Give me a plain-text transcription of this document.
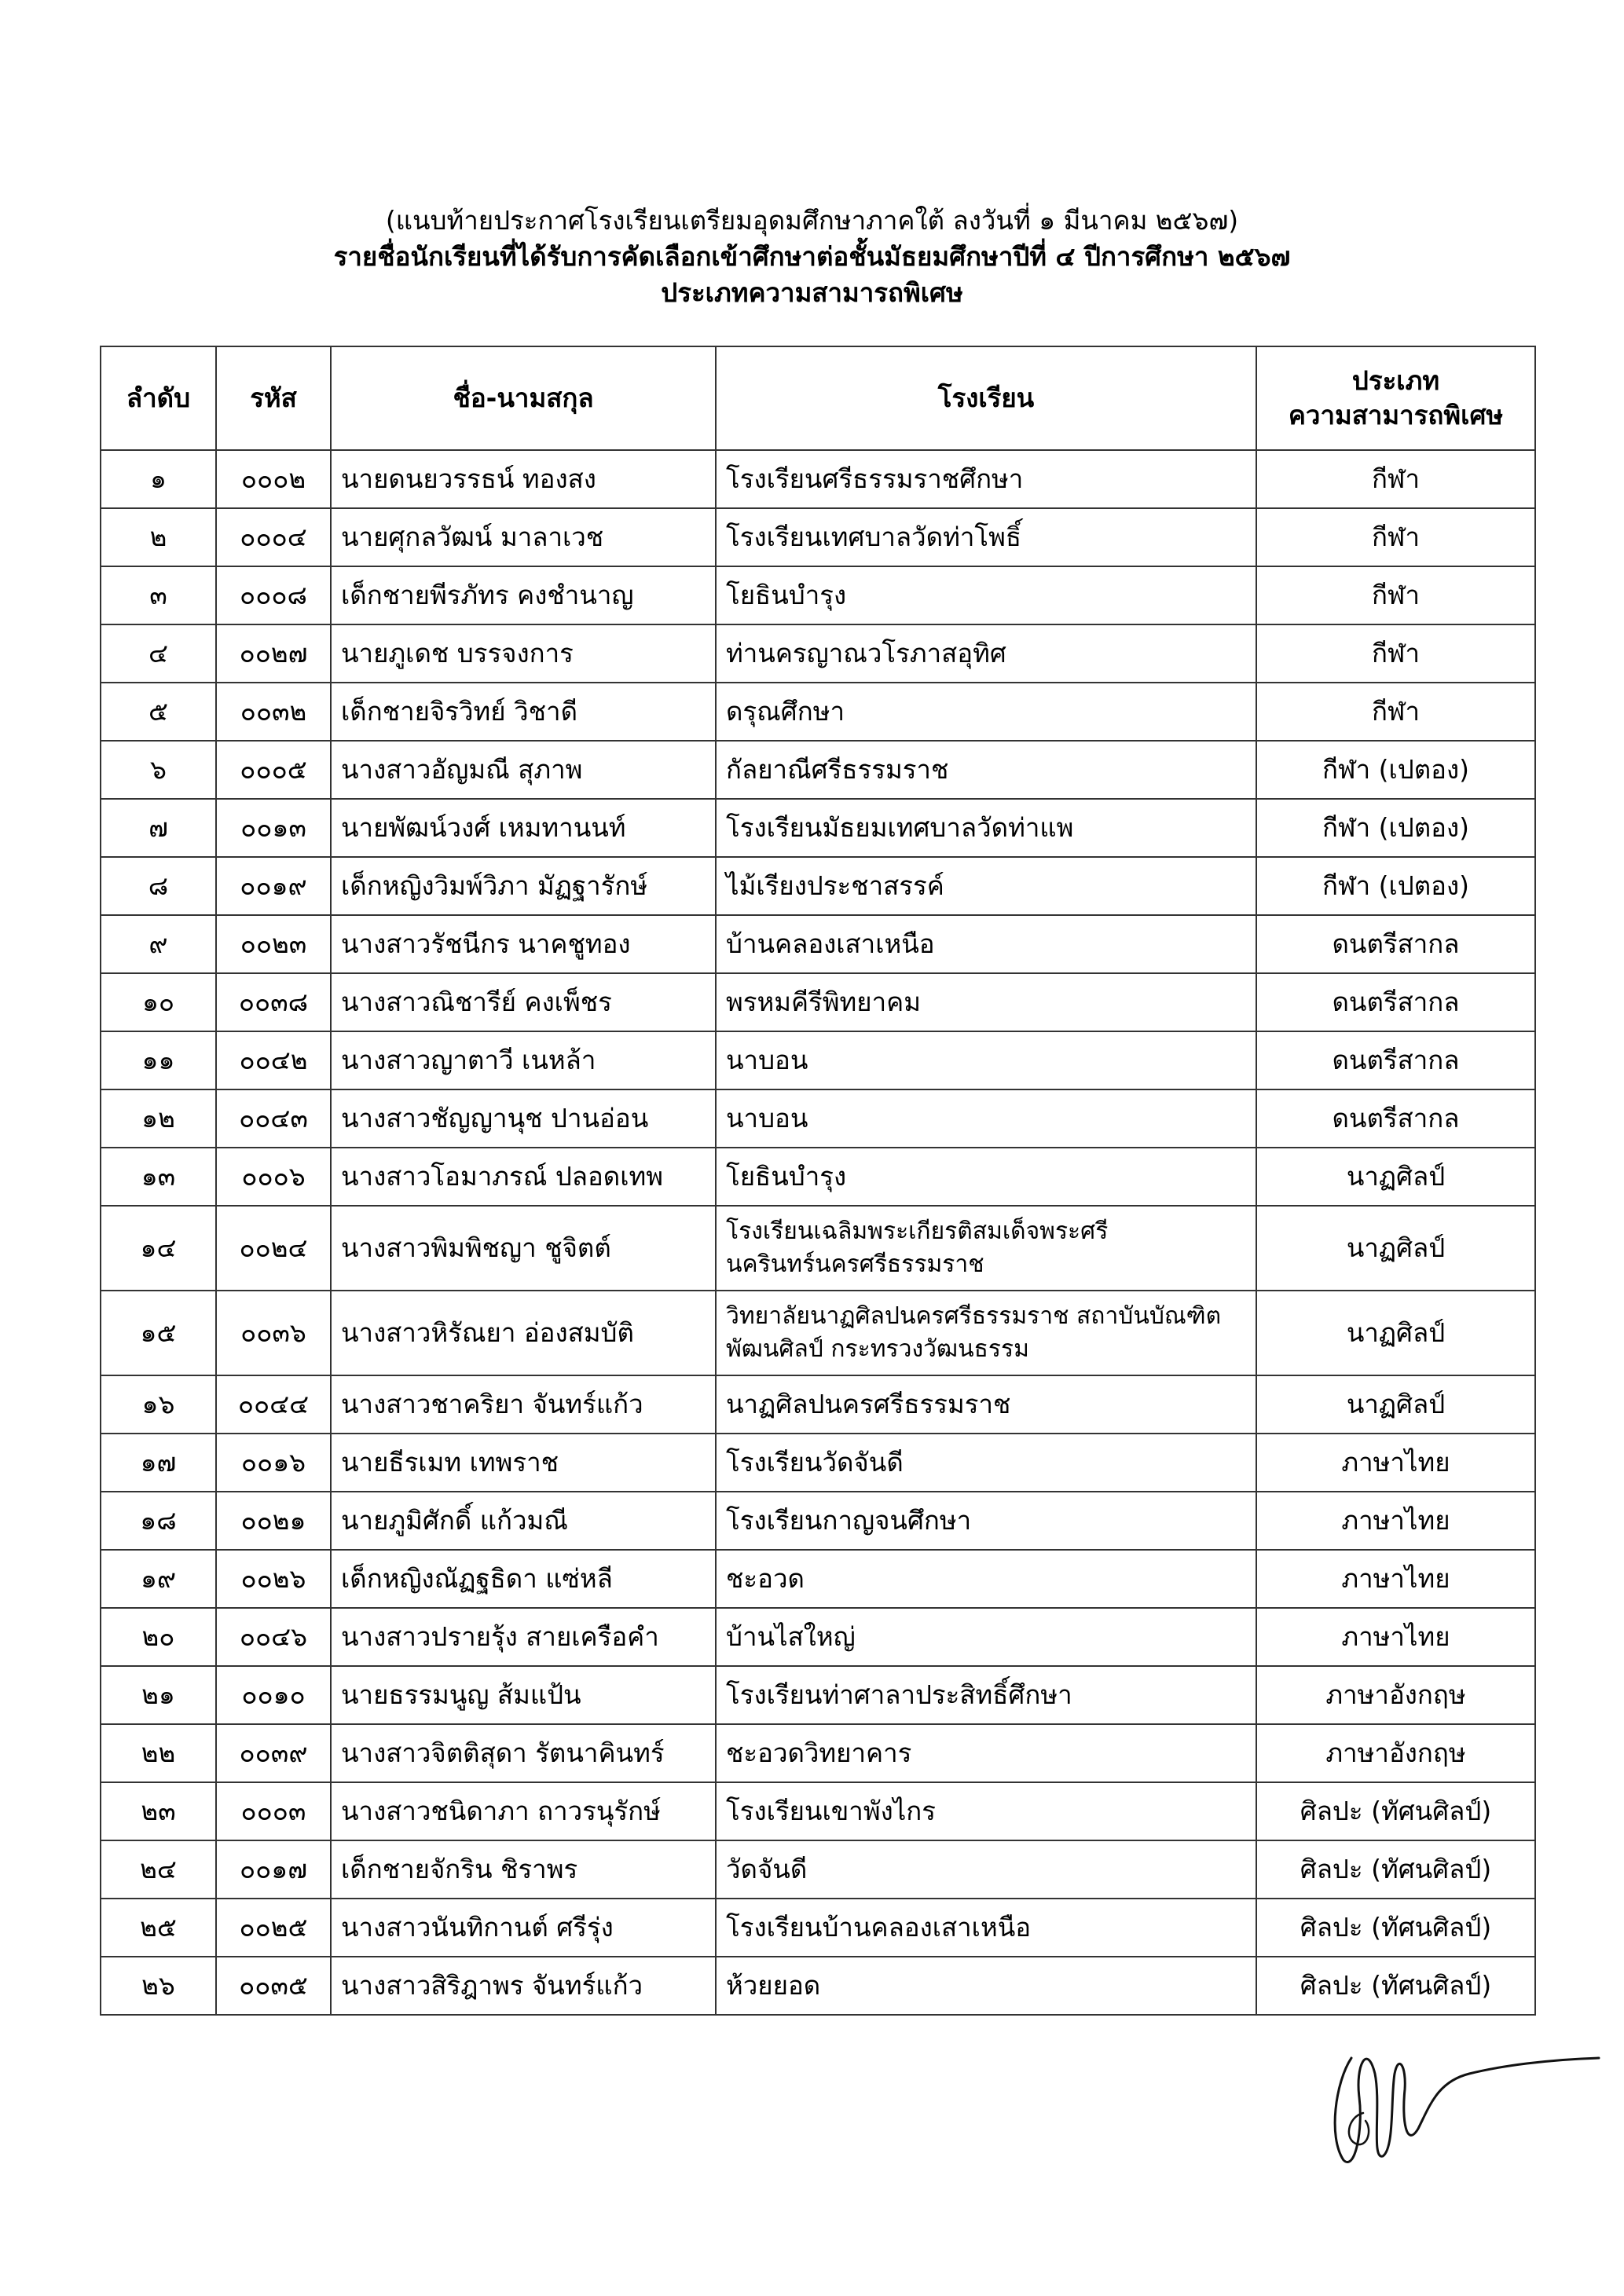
(แนบท้ายประกาศโรงเรียนเตรียมอุดมศึกษาภาคใต้ ลงวันที่ ๑ มีนาคม ๒๕๖๗)
รายชื่อนักเรียนที่ได้รับการคัดเลือกเข้าศึกษาต่อชั้นมัธยมศึกษาปีที่ ๔ ปีการศึกษา ๒๕๖๗
ประเภทความสามารถพิเศษ
ลำดับ	รหัส	ชื่อ-นามสกุล	โรงเรียน	ประเภท
ความสามารถพิเศษ

๑	๐๐๐๒	นายดนยวรรธน์ ทองสง	โรงเรียนศรีธรรมราชศึกษา	กีฬา
๒	๐๐๐๔	นายศุกลวัฒน์ มาลาเวช	โรงเรียนเทศบาลวัดท่าโพธิ์	กีฬา
๓	๐๐๐๘	เด็กชายพีรภัทร คงชำนาญ	โยธินบำรุง	กีฬา
๔	๐๐๒๗	นายภูเดช บรรจงการ	ท่านครญาณวโรภาสอุทิศ	กีฬา
๕	๐๐๓๒	เด็กชายจิรวิทย์ วิชาดี	ดรุณศึกษา	กีฬา
๖	๐๐๐๕	นางสาวอัญมณี สุภาพ	กัลยาณีศรีธรรมราช	กีฬา (เปตอง)
๗	๐๐๑๓	นายพัฒน์วงศ์ เหมทานนท์	โรงเรียนมัธยมเทศบาลวัดท่าแพ	กีฬา (เปตอง)
๘	๐๐๑๙	เด็กหญิงวิมพ์วิภา มัฏฐารักษ์	ไม้เรียงประชาสรรค์	กีฬา (เปตอง)
๙	๐๐๒๓	นางสาวรัชนีกร นาคชูทอง	บ้านคลองเสาเหนือ	ดนตรีสากล
๑๐	๐๐๓๘	นางสาวณิชารีย์ คงเพ็ชร	พรหมคีรีพิทยาคม	ดนตรีสากล
๑๑	๐๐๔๒	นางสาวญาตาวี เนหล้า	นาบอน	ดนตรีสากล
๑๒	๐๐๔๓	นางสาวชัญญานุช ปานอ่อน	นาบอน	ดนตรีสากล
๑๓	๐๐๐๖	นางสาวโอมาภรณ์ ปลอดเทพ	โยธินบำรุง	นาฏศิลป์
๑๔	๐๐๒๔	นางสาวพิมพิชญา ชูจิตต์	โรงเรียนเฉลิมพระเกียรติสมเด็จพระศรี
นครินทร์นครศรีธรรมราช	นาฏศิลป์
๑๕	๐๐๓๖	นางสาวหิรัณยา อ่องสมบัติ	วิทยาลัยนาฏศิลปนครศรีธรรมราช สถาบันบัณฑิต
พัฒนศิลป์ กระทรวงวัฒนธรรม	นาฏศิลป์
๑๖	๐๐๔๔	นางสาวชาคริยา จันทร์แก้ว	นาฏศิลปนครศรีธรรมราช	นาฏศิลป์
๑๗	๐๐๑๖	นายธีรเมท เทพราช	โรงเรียนวัดจันดี	ภาษาไทย
๑๘	๐๐๒๑	นายภูมิศักดิ์ แก้วมณี	โรงเรียนกาญจนศึกษา	ภาษาไทย
๑๙	๐๐๒๖	เด็กหญิงณัฏฐธิดา แซ่หลี	ชะอวด	ภาษาไทย
๒๐	๐๐๔๖	นางสาวปรายรุ้ง สายเครือคำ	บ้านไสใหญ่	ภาษาไทย
๒๑	๐๐๑๐	นายธรรมนูญ ส้มแป้น	โรงเรียนท่าศาลาประสิทธิ์ศึกษา	ภาษาอังกฤษ
๒๒	๐๐๓๙	นางสาวจิตติสุดา รัตนาคินทร์	ชะอวดวิทยาคาร	ภาษาอังกฤษ
๒๓	๐๐๐๓	นางสาวชนิดาภา ถาวรนุรักษ์	โรงเรียนเขาพังไกร	ศิลปะ (ทัศนศิลป์)
๒๔	๐๐๑๗	เด็กชายจักริน ชิราพร	วัดจันดี	ศิลปะ (ทัศนศิลป์)
๒๕	๐๐๒๕	นางสาวนันทิกานต์ ศรีรุ่ง	โรงเรียนบ้านคลองเสาเหนือ	ศิลปะ (ทัศนศิลป์)
๒๖	๐๐๓๕	นางสาวสิริฎาพร จันทร์แก้ว	ห้วยยอด	ศิลปะ (ทัศนศิลป์)
